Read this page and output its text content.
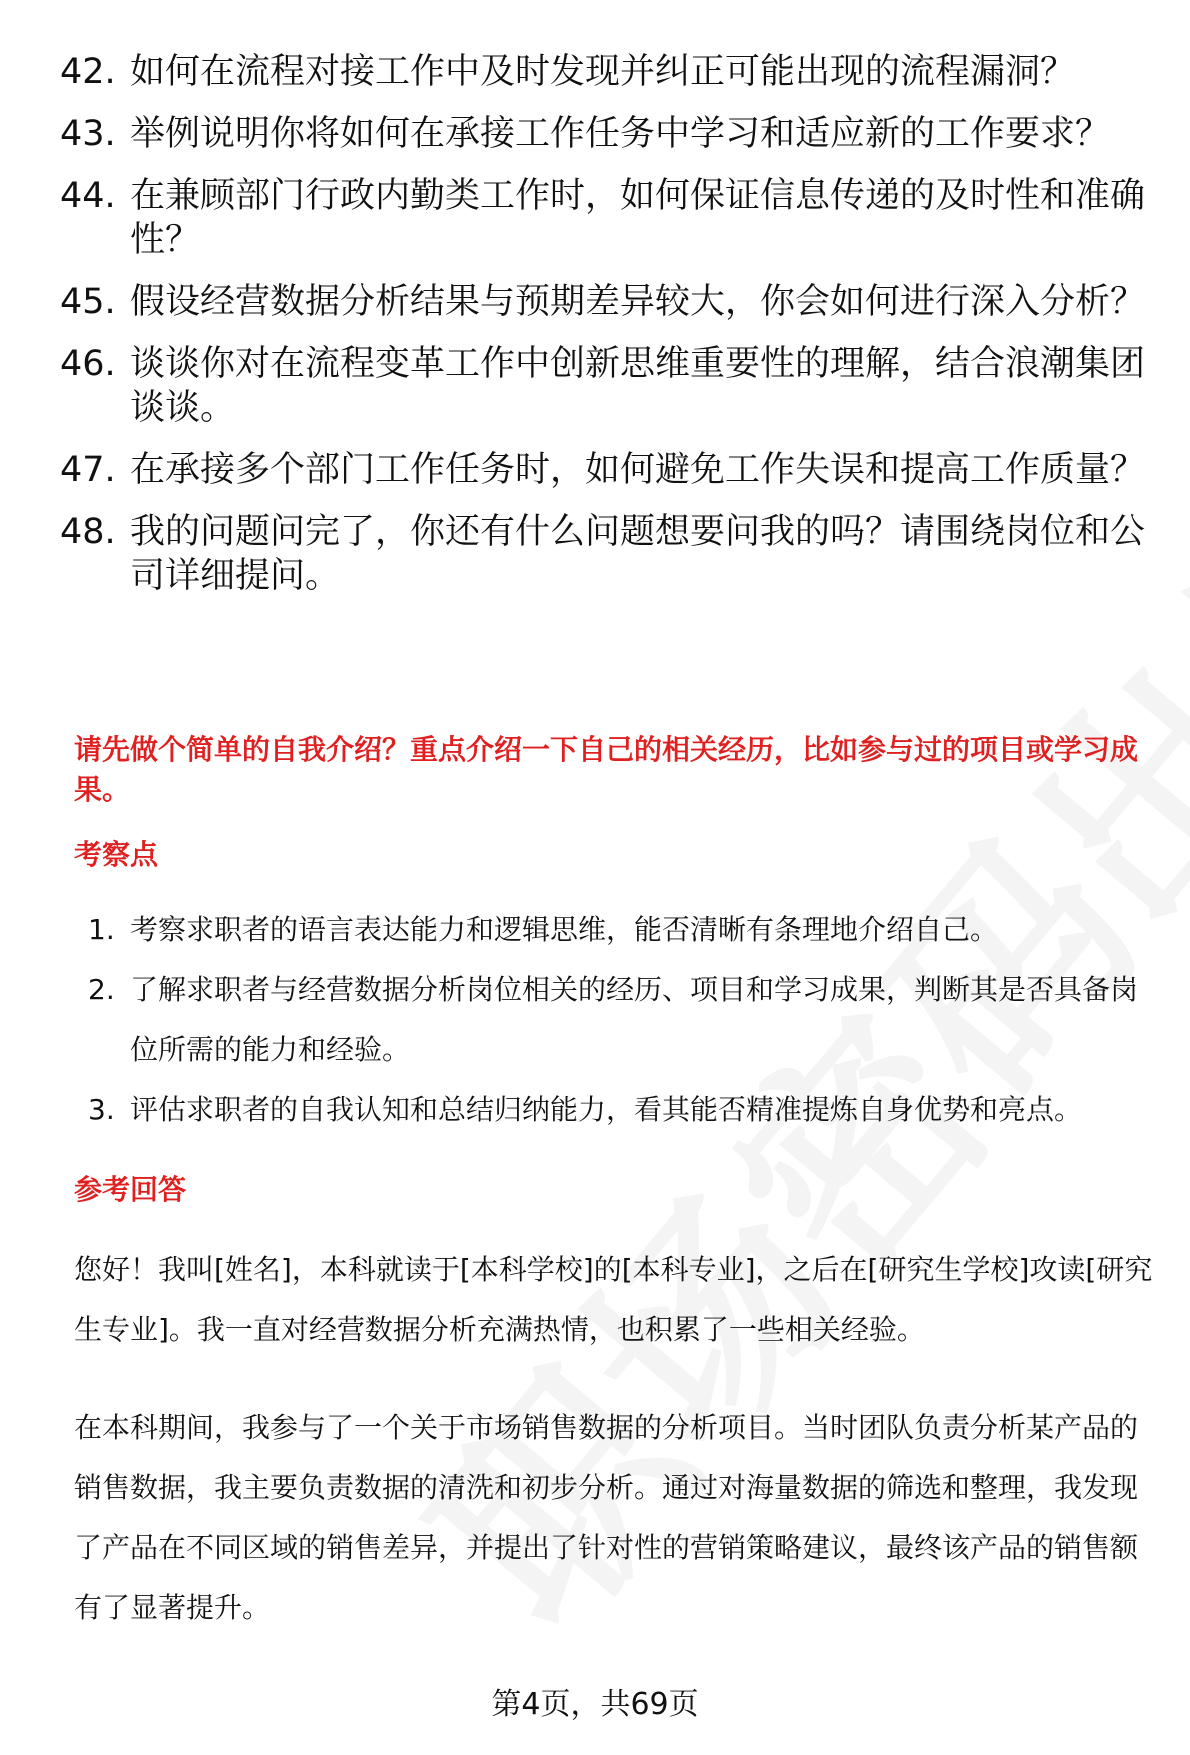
42. 如何在流程对接工作中及时发现并纠正可能出现的流程漏洞？
43. 举例说明你将如何在承接工作任务中学习和适应新的工作要求？
44. 在兼顾部门行政内勤类工作时，如何保证信息传递的及时性和准确性？
45. 假设经营数据分析结果与预期差异较大，你会如何进行深入分析？
46. 谈谈你对在流程变革工作中创新思维重要性的理解，结合浪潮集团谈谈。
47. 在承接多个部门工作任务时，如何避免工作失误和提高工作质量？
48. 我的问题问完了，你还有什么问题想要问我的吗？请围绕岗位和公司详细提问。

请先做个简单的自我介绍？重点介绍一下自己的相关经历，比如参与过的项目或学习成果。

考察点

1. 考察求职者的语言表达能力和逻辑思维，能否清晰有条理地介绍自己。
2. 了解求职者与经营数据分析岗位相关的经历、项目和学习成果，判断其是否具备岗位所需的能力和经验。
3. 评估求职者的自我认知和总结归纳能力，看其能否精准提炼自身优势和亮点。

参考回答

您好！我叫[姓名]，本科就读于[本科学校]的[本科专业]，之后在[研究生学校]攻读[研究生专业]。我一直对经营数据分析充满热情，也积累了一些相关经验。

在本科期间，我参与了一个关于市场销售数据的分析项目。当时团队负责分析某产品的销售数据，我主要负责数据的清洗和初步分析。通过对海量数据的筛选和整理，我发现了产品在不同区域的销售差异，并提出了针对性的营销策略建议，最终该产品的销售额有了显著提升。

第4页，共69页
